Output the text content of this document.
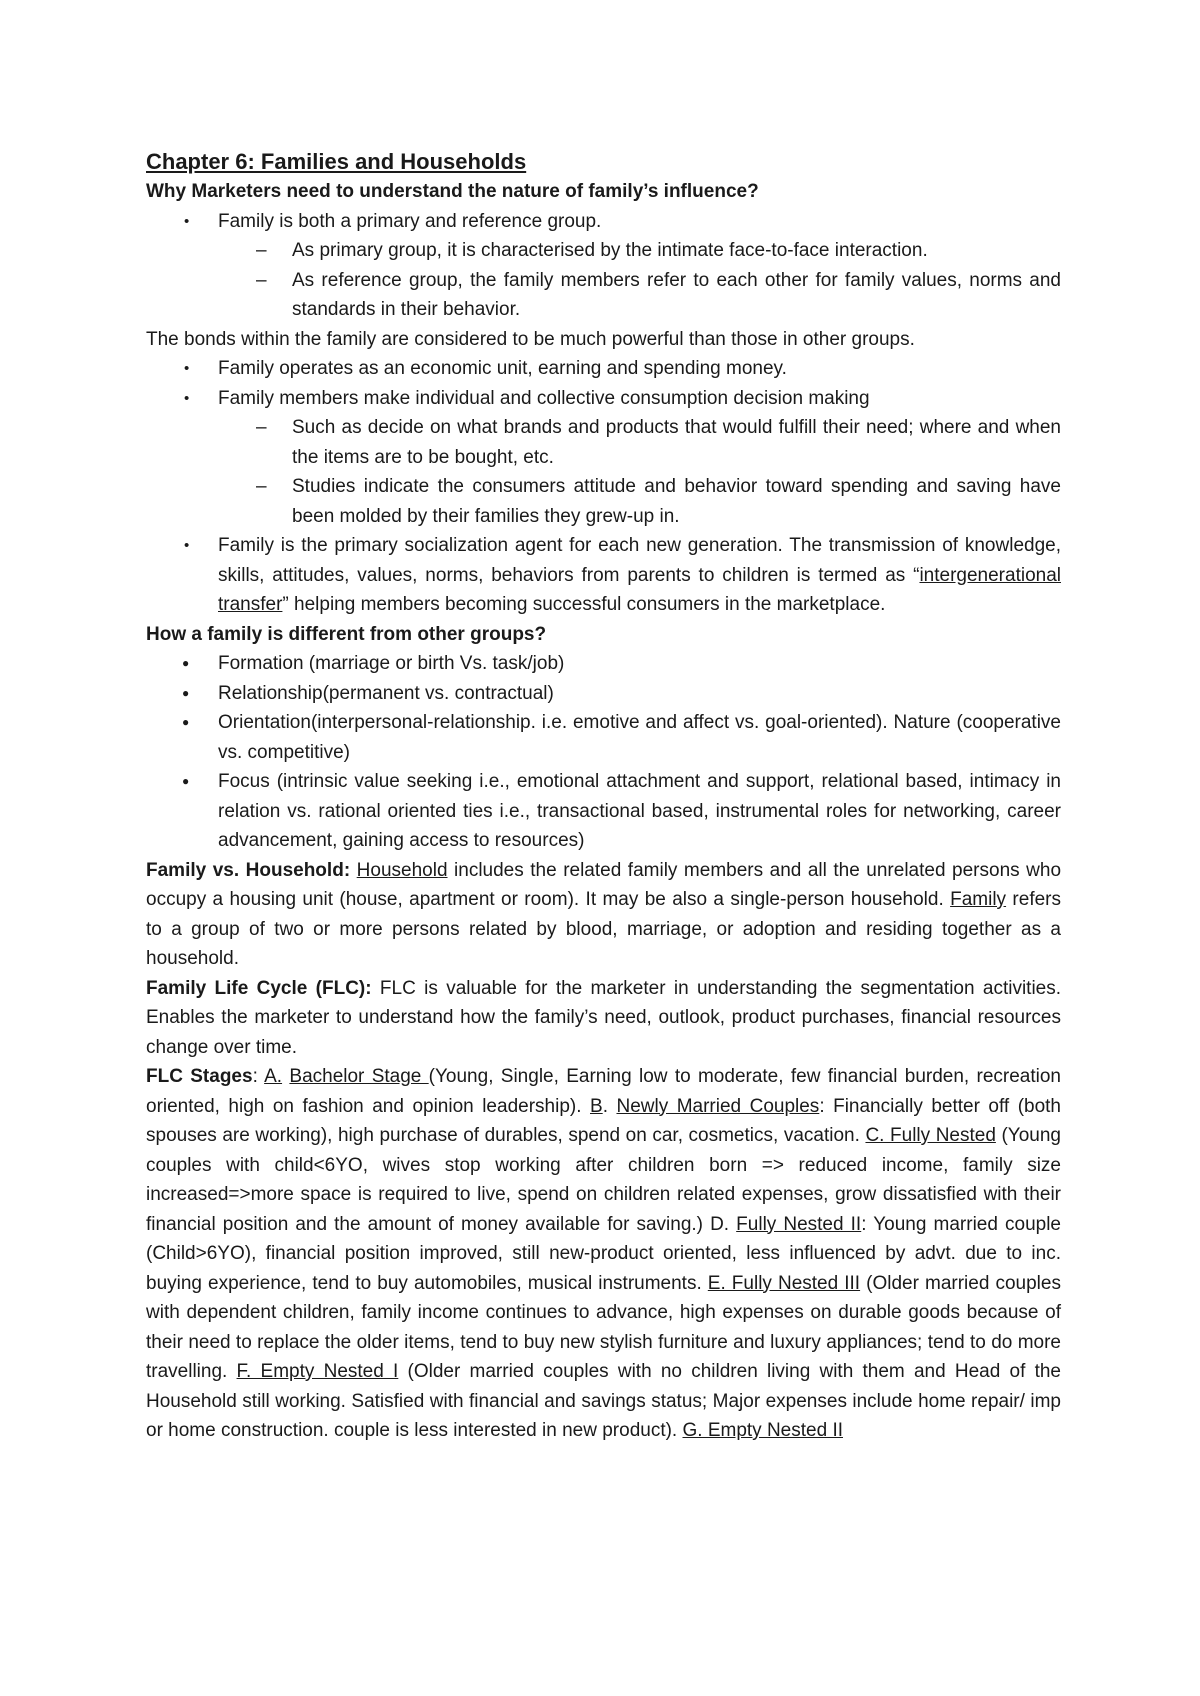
Chapter 6: Families and Households
Why Marketers need to understand the nature of family’s influence?
• Family is both a primary and reference group.
– As primary group, it is characterised by the intimate face-to-face interaction.
– As reference group, the family members refer to each other for family values, norms and standards in their behavior.
The bonds within the family are considered to be much powerful than those in other groups.
• Family operates as an economic unit, earning and spending money.
• Family members make individual and collective consumption decision making
– Such as decide on what brands and products that would fulfill their need; where and when the items are to be bought, etc.
– Studies indicate the consumers attitude and behavior toward spending and saving have been molded by their families they grew-up in.
• Family is the primary socialization agent for each new generation. The transmission of knowledge, skills, attitudes, values, norms, behaviors from parents to children is termed as “intergenerational transfer” helping members becoming successful consumers in the marketplace.
How a family is different from other groups?
● Formation (marriage or birth Vs. task/job)
● Relationship(permanent vs. contractual)
● Orientation(interpersonal-relationship. i.e. emotive and affect vs. goal-oriented). Nature (cooperative vs. competitive)
● Focus (intrinsic value seeking i.e., emotional attachment and support, relational based, intimacy in relation vs. rational oriented ties i.e., transactional based, instrumental roles for networking, career advancement, gaining access to resources)
Family vs. Household: Household includes the related family members and all the unrelated persons who occupy a housing unit (house, apartment or room). It may be also a single-person household. Family refers to a group of two or more persons related by blood, marriage, or adoption and residing together as a household.
Family Life Cycle (FLC): FLC is valuable for the marketer in understanding the segmentation activities. Enables the marketer to understand how the family’s need, outlook, product purchases, financial resources change over time.
FLC Stages: A. Bachelor Stage (Young, Single, Earning low to moderate, few financial burden, recreation oriented, high on fashion and opinion leadership). B. Newly Married Couples: Financially better off (both spouses are working), high purchase of durables, spend on car, cosmetics, vacation. C. Fully Nested (Young couples with child<6YO, wives stop working after children born => reduced income, family size increased=>more space is required to live, spend on children related expenses, grow dissatisfied with their financial position and the amount of money available for saving.) D. Fully Nested II: Young married couple (Child>6YO), financial position improved, still new-product oriented, less influenced by advt. due to inc. buying experience, tend to buy automobiles, musical instruments. E. Fully Nested III (Older married couples with dependent children, family income continues to advance, high expenses on durable goods because of their need to replace the older items, tend to buy new stylish furniture and luxury appliances; tend to do more travelling. F. Empty Nested I (Older married couples with no children living with them and Head of the Household still working. Satisfied with financial and savings status; Major expenses include home repair/ imp or home construction. couple is less interested in new product). G. Empty Nested II
